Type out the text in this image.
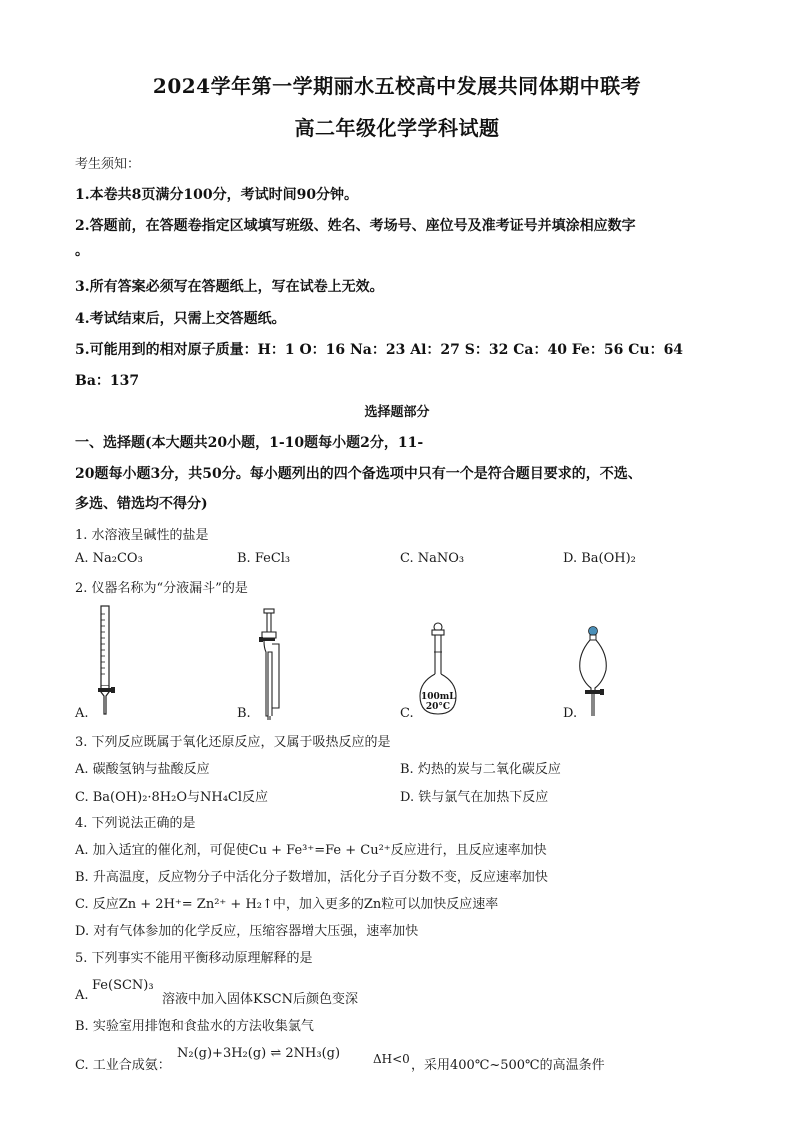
2024学年第一学期丽水五校高中发展共同体期中联考
高二年级化学学科试题
考生须知：
1.本卷共8页满分100分，考试时间90分钟。
2.答题前，在答题卷指定区域填写班级、姓名、考场号、座位号及准考证号并填涂相应数字
。
3.所有答案必须写在答题纸上，写在试卷上无效。
4.考试结束后，只需上交答题纸。
5.可能用到的相对原子质量：H：1 O：16 Na：23 Al：27 S：32 Ca：40 Fe：56 Cu：64
Ba：137
选择题部分
一、选择题(本大题共20小题，1-10题每小题2分，11-
20题每小题3分，共50分。每小题列出的四个备选项中只有一个是符合题目要求的，不选、
多选、错选均不得分)
1. 水溶液呈碱性的盐是
A. Na₂CO₃	B. FeCl₃	C. NaNO₃	D. Ba(OH)₂
2. 仪器名称为“分液漏斗”的是
A.	B.
100mL
20°C
C.	D.
3. 下列反应既属于氧化还原反应，又属于吸热反应的是
A. 碳酸氢钠与盐酸反应	B. 灼热的炭与二氧化碳反应
C. Ba(OH)₂·8H₂O与NH₄Cl反应	D. 铁与氯气在加热下反应
4. 下列说法正确的是
A. 加入适宜的催化剂，可促使Cu + Fe³⁺=Fe + Cu²⁺反应进行，且反应速率加快
B. 升高温度，反应物分子中活化分子数增加，活化分子百分数不变，反应速率加快
C. 反应Zn + 2H⁺= Zn²⁺ + H₂↑中，加入更多的Zn粒可以加快反应速率
D. 对有气体参加的化学反应，压缩容器增大压强，速率加快
5. 下列事实不能用平衡移动原理解释的是
A.
Fe(SCN)₃
溶液中加入固体KSCN后颜色变深
B. 实验室用排饱和食盐水的方法收集氯气
C. 工业合成氨：
N₂(g)+3H₂(g) ⇌ 2NH₃(g)	ΔH<0 ，采用400℃~500℃的高温条件
